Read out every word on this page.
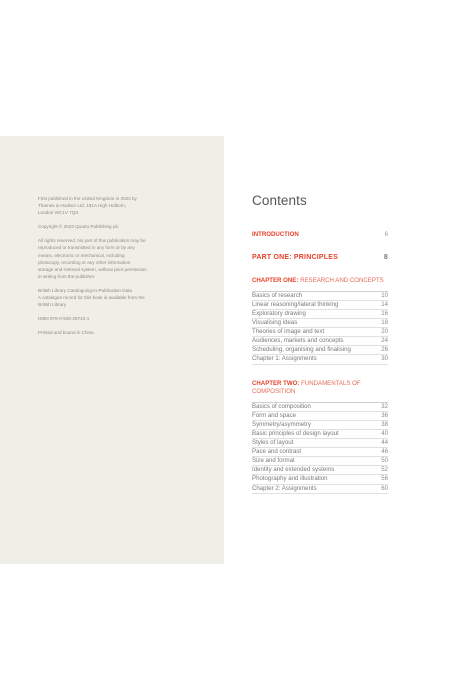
First published in the United Kingdom in 2023 by
Thames & Hudson Ltd, 181A High Holborn,
London WC1V 7QX

Copyright © 2023 Quarto Publishing plc

All rights reserved. No part of this publication may be
reproduced or transmitted in any form or by any
means, electronic or mechanical, including
photocopy, recording or any other information
storage and retrieval system, without prior permission
in writing from the publisher.

British Library Cataloguing-in-Publication Data
A catalogue record for this book is available from the
British Library

ISBN 978-0-500-29742-1

Printed and bound in China

Contents
INTRODUCTION	6
PART ONE: PRINCIPLES	8
CHAPTER ONE: RESEARCH AND CONCEPTS
Basics of research	10
Linear reasoning/lateral thinking	14
Exploratory drawing	16
Visualising ideas	18
Theories of image and text	20
Audiences, markets and concepts	24
Scheduling, organising and finalising	26
Chapter 1: Assignments	30
CHAPTER TWO: FUNDAMENTALS OF COMPOSITION
Basics of composition	32
Form and space	36
Symmetry/asymmetry	38
Basic principles of design layout	40
Styles of layout	44
Pace and contrast	46
Size and format	50
Identity and extended systems	52
Photography and illustration	56
Chapter 2: Assignments	60
